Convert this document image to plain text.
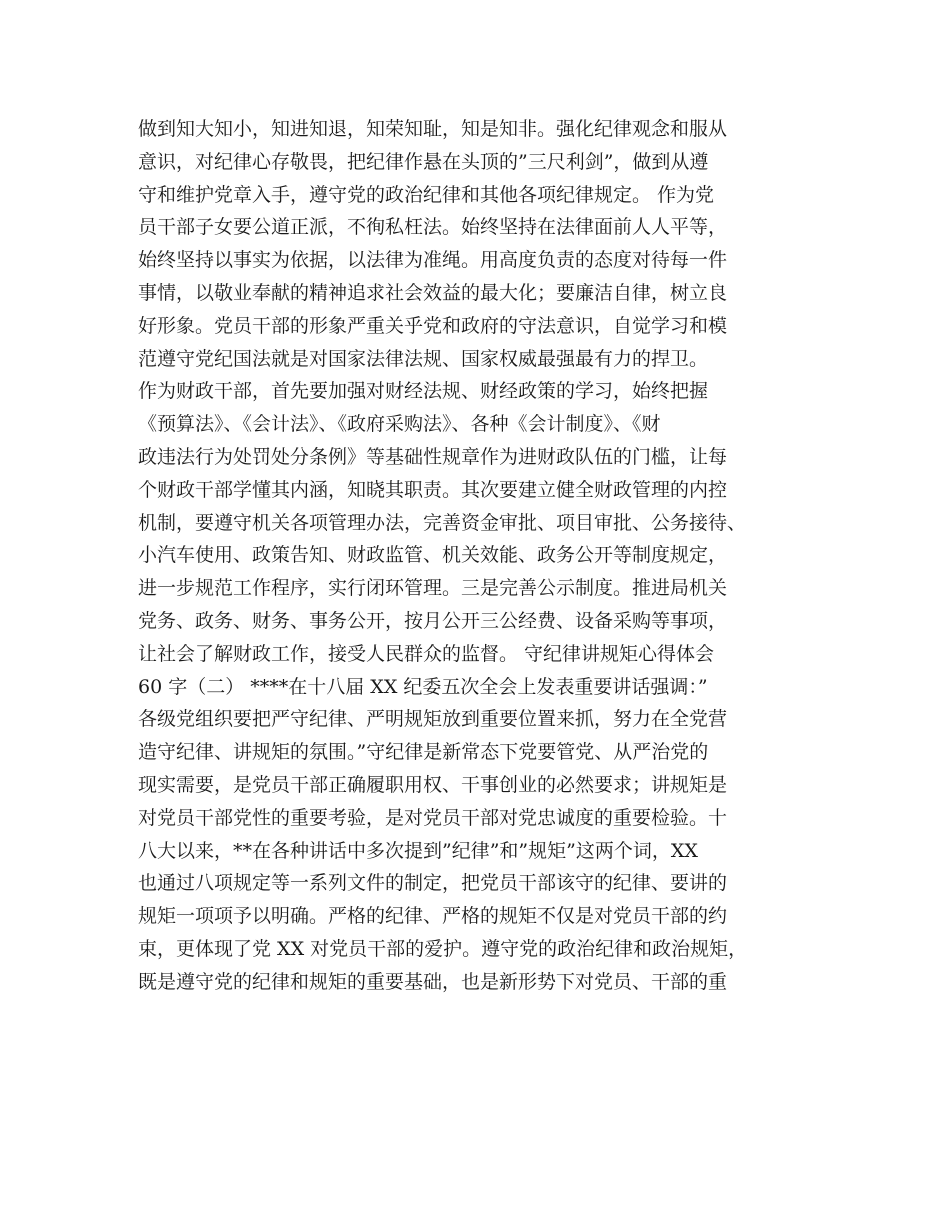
做到知大知小，知进知退，知荣知耻，知是知非。强化纪律观念和服从
意识，对纪律心存敬畏，把纪律作悬在头顶的”三尺利剑”，做到从遵
守和维护党章入手，遵守党的政治纪律和其他各项纪律规定。 作为党
员干部子女要公道正派，不徇私枉法。始终坚持在法律面前人人平等，
始终坚持以事实为依据，以法律为准绳。用高度负责的态度对待每一件
事情，以敬业奉献的精神追求社会效益的最大化；要廉洁自律，树立良
好形象。党员干部的形象严重关乎党和政府的守法意识，自觉学习和模
范遵守党纪国法就是对国家法律法规、国家权威最强最有力的捍卫。
作为财政干部，首先要加强对财经法规、财经政策的学习，始终把握
《预算法》、《会计法》、《政府采购法》、各种《会计制度》、《财
政违法行为处罚处分条例》等基础性规章作为进财政队伍的门槛，让每
个财政干部学懂其内涵，知晓其职责。其次要建立健全财政管理的内控
机制，要遵守机关各项管理办法，完善资金审批、项目审批、公务接待、
小汽车使用、政策告知、财政监管、机关效能、政务公开等制度规定，
进一步规范工作程序，实行闭环管理。三是完善公示制度。推进局机关
党务、政务、财务、事务公开，按月公开三公经费、设备采购等事项，
让社会了解财政工作，接受人民群众的监督。 守纪律讲规矩心得体会
60 字（二） ****在十八届 XX 纪委五次全会上发表重要讲话强调：”
各级党组织要把严守纪律、严明规矩放到重要位置来抓，努力在全党营
造守纪律、讲规矩的氛围。”守纪律是新常态下党要管党、从严治党的
现实需要，是党员干部正确履职用权、干事创业的必然要求；讲规矩是
对党员干部党性的重要考验，是对党员干部对党忠诚度的重要检验。十
八大以来，**在各种讲话中多次提到”纪律”和”规矩”这两个词，XX
也通过八项规定等一系列文件的制定，把党员干部该守的纪律、要讲的
规矩一项项予以明确。严格的纪律、严格的规矩不仅是对党员干部的约
束，更体现了党 XX 对党员干部的爱护。遵守党的政治纪律和政治规矩，
既是遵守党的纪律和规矩的重要基础，也是新形势下对党员、干部的重
